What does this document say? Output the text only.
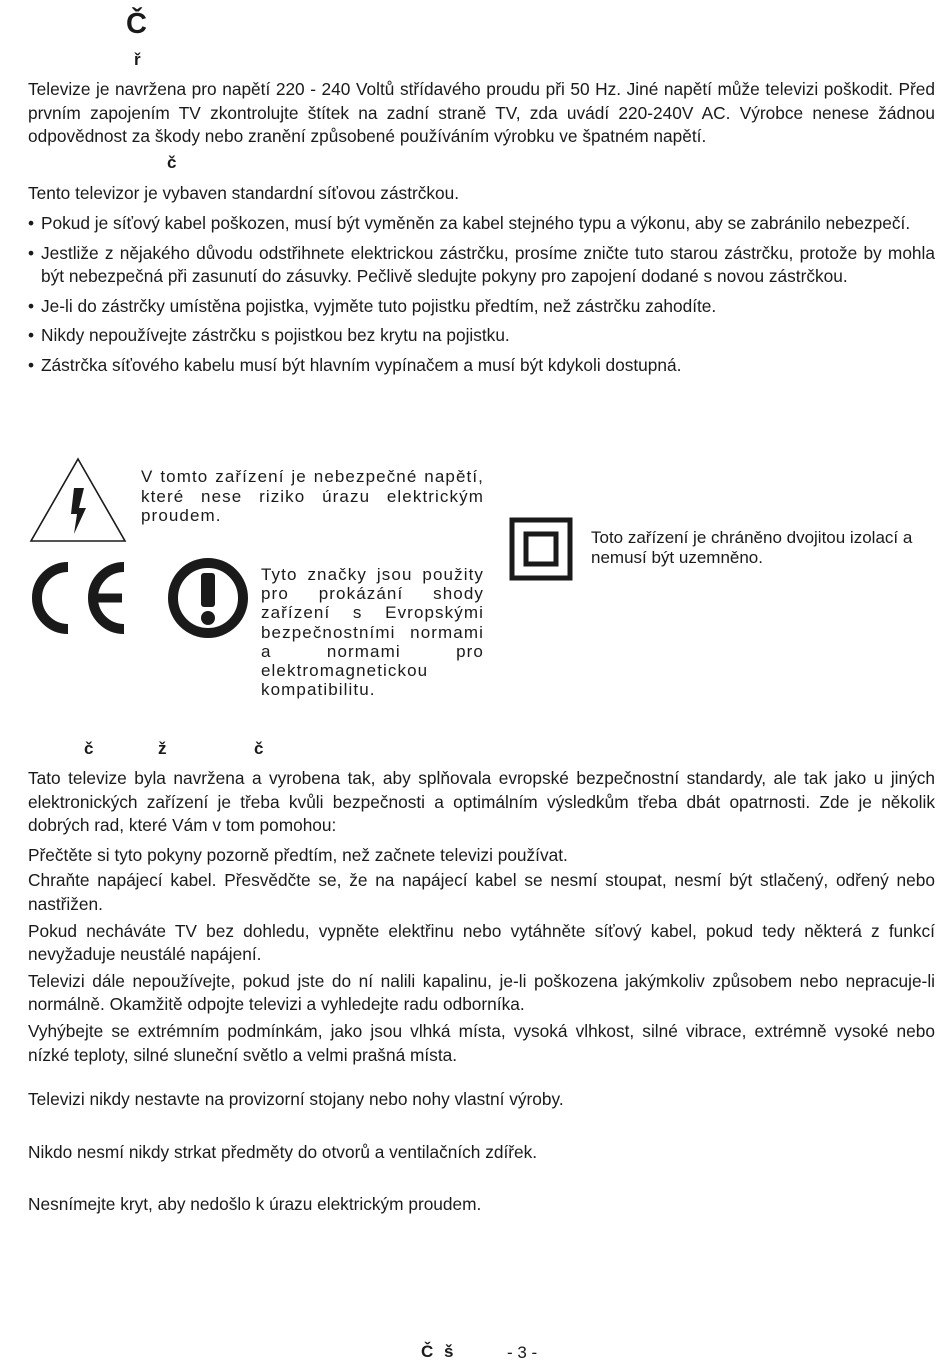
Č
ř

Televize je navržena pro napětí 220 - 240 Voltů střídavého proudu při 50 Hz. Jiné napětí může televizi poškodit. Před prvním zapojením TV zkontrolujte štítek na zadní straně TV, zda uvádí 220-240V AC. Výrobce nenese žádnou odpovědnost za škody nebo zranění způsobené používáním výrobku ve špatném napětí.

č

Tento televizor je vybaven standardní síťovou zástrčkou.

• Pokud je síťový kabel poškozen, musí být vyměněn za kabel stejného typu a výkonu, aby se zabránilo nebezpečí.
• Jestliže z nějakého důvodu odstřihnete elektrickou zástrčku, prosíme zničte tuto starou zástrčku, protože by mohla být nebezpečná při zasunutí do zásuvky. Pečlivě sledujte pokyny pro zapojení dodané s novou zástrčkou.
• Je-li do zástrčky umístěna pojistka, vyjměte tuto pojistku předtím, než zástrčku zahodíte.
• Nikdy nepoužívejte zástrčku s pojistkou bez krytu na pojistku.
• Zástrčka síťového kabelu musí být hlavním vypínačem a musí být kdykoli dostupná.

V tomto zařízení je nebezpečné napětí, které nese riziko úrazu elektrickým proudem.

Tyto značky jsou použity pro prokázání shody zařízení s Evropskými bezpečnostními normami a normami pro elektromagnetickou kompatibilitu.

Toto zařízení je chráněno dvojitou izolací a nemusí být uzemněno.

č	ž	č

Tato televize byla navržena a vyrobena tak, aby splňovala evropské bezpečnostní standardy, ale tak jako u jiných elektronických zařízení je třeba kvůli bezpečnosti a optimálním výsledkům třeba dbát opatrnosti. Zde je několik dobrých rad, které Vám v tom pomohou:

Přečtěte si tyto pokyny pozorně předtím, než začnete televizi používat.

Chraňte napájecí kabel. Přesvědčte se, že na napájecí kabel se nesmí stoupat, nesmí být stlačený, odřený nebo nastřižen.

Pokud necháváte TV bez dohledu, vypněte elektřinu nebo vytáhněte síťový kabel, pokud tedy některá z funkcí nevyžaduje neustálé napájení.

Televizi dále nepoužívejte, pokud jste do ní nalili kapalinu, je-li poškozena jakýmkoliv způsobem nebo nepracuje-li normálně. Okamžitě odpojte televizi a vyhledejte radu odborníka.

Vyhýbejte se extrémním podmínkám, jako jsou vlhká místa, vysoká vlhkost, silné vibrace, extrémně vysoké nebo nízké teploty, silné sluneční světlo a velmi prašná místa.

Televizi nikdy nestavte na provizorní stojany nebo nohy vlastní výroby.

Nikdo nesmí nikdy strkat předměty do otvorů a ventilačních zdířek.

Nesnímejte kryt, aby nedošlo k úrazu elektrickým proudem.

Č š	- 3 -
